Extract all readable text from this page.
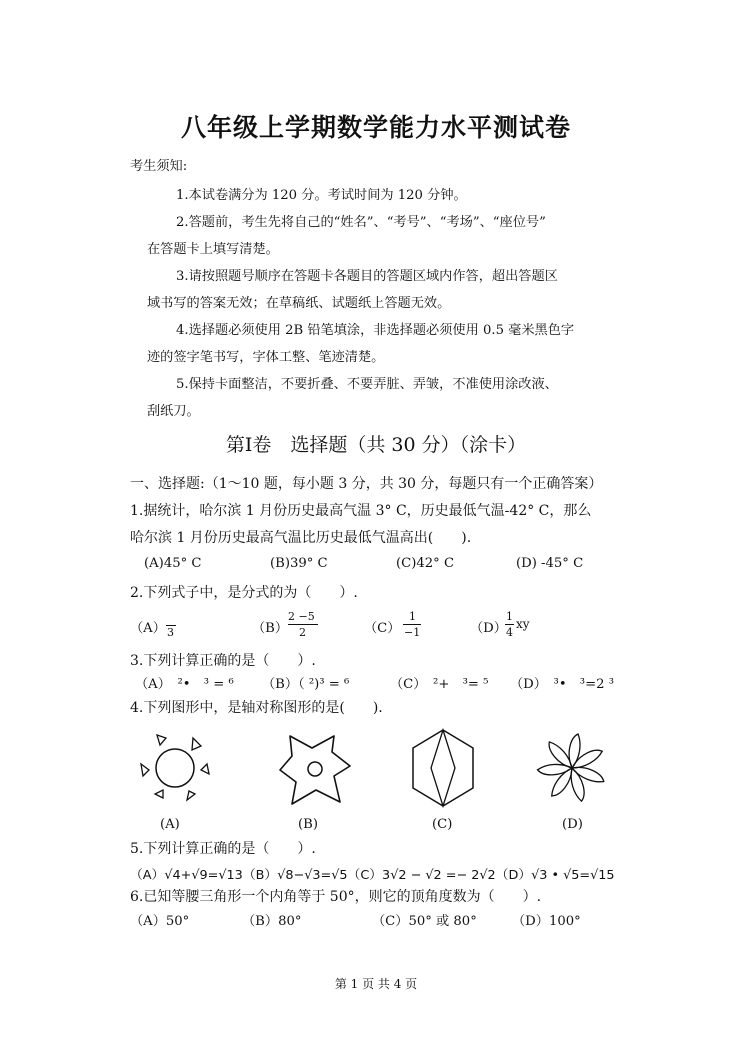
八年级上学期数学能力水平测试卷
考生须知:
1.本试卷满分为 120 分。考试时间为 120 分钟。
2.答题前，考生先将自己的“姓名”、“考号”、“考场”、“座位号”
在答题卡上填写清楚。
3.请按照题号顺序在答题卡各题目的答题区域内作答，超出答题区
域书写的答案无效；在草稿纸、试题纸上答题无效。
4.选择题必须使用 2B 铅笔填涂，非选择题必须使用 0.5 毫米黑色字
迹的签字笔书写，字体工整、笔迹清楚。
5.保持卡面整洁，不要折叠、不要弄脏、弄皱，不准使用涂改液、
刮纸刀。
第Ⅰ卷　选择题（共 30 分）（涂卡）
一、选择题:（1～10 题，每小题 3 分，共 30 分，每题只有一个正确答案）
1.据统计，哈尔滨 1 月份历史最高气温 3° C，历史最低气温-42° C，那么
哈尔滨 1 月份历史最高气温比历史最低气温高出(　　).
(A)45° C	(B)39° C	(C)42° C	(D) -45° C
2.下列式子中，是分式的为（　　）.
（A） 3	（B）
2 −5
2	（C）
1
−1	（D）
1
4
xy
3.下列计算正确的是（　　）.
（A）　²•　³ = ⁶ （B）（ ²)³ = ⁶	（C）　²+　³= ⁵ （D）　³•　³=2 ³
4.下列图形中，是轴对称图形的是(　　).
(A)	(B)	(C)	(D)
5.下列计算正确的是（　　）.
（A）√4+√9=√13（B）√8−√3=√5（C）3√2 − √2 =− 2√2（D）√3 • √5=√15
6.已知等腰三角形一个内角等于 50°，则它的顶角度数为（　　）.
（A）50°	（B）80°	（C）50° 或 80°	（D）100°
第 1 页 共 4 页
